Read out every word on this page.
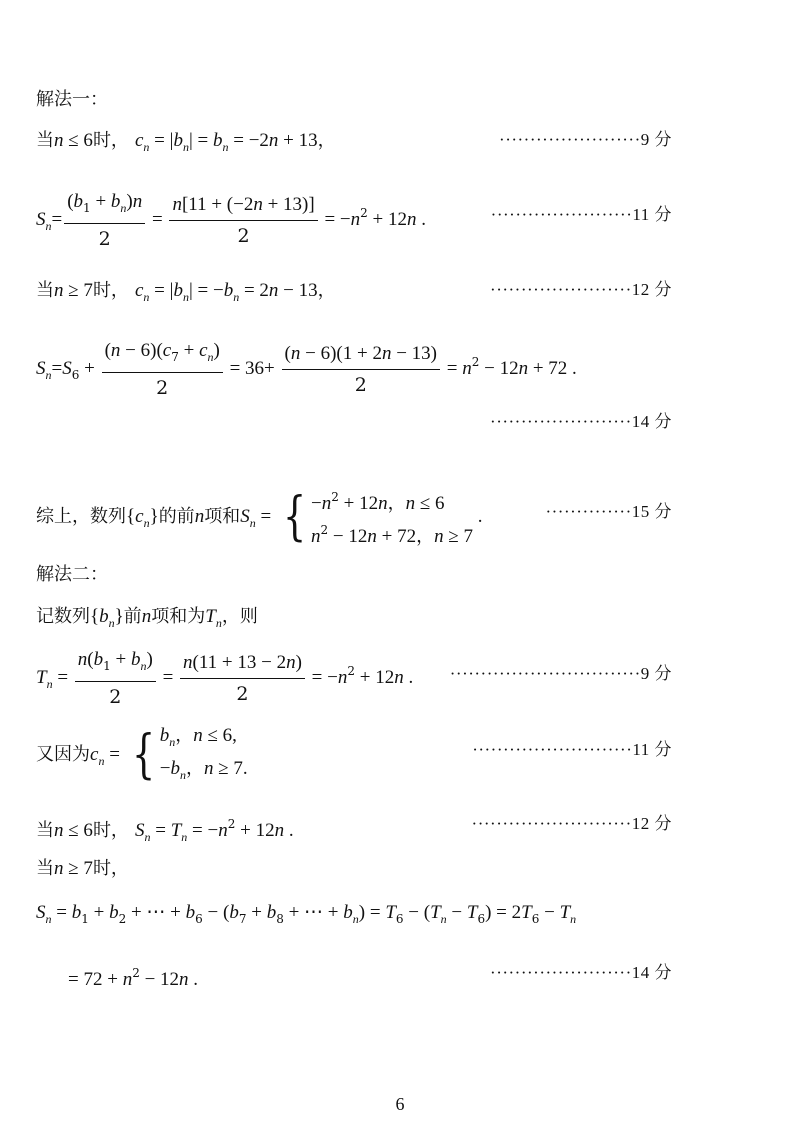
解法一：
当n ≤ 6时， $c_n = |b_n| = b_n = -2n + 13$，	·······················9 分
$S_n= \frac{(b_1 + b_n)n}{2} = \frac{n[11 + (-2n + 13)]}{2} = -n^2 + 12n$ .	·······················11 分
当n ≥ 7时， $c_n = |b_n| = -b_n = 2n - 13$，	·······················12 分
$S_n=S_6 + \frac{(n - 6)(c_7 + c_n)}{2} = 36+ \frac{(n - 6)(1 + 2n - 13)}{2} = n^2 - 12n + 72$ .
·······················14 分
综上，数列$\{c_n\}$的前n项和$S_n$ = { $-n^2 + 12n$，n ≤ 6
$n^2 - 12n + 72$，n ≥ 7
.	··············15 分
解法二：
记数列$\{b_n\}$前n项和为$T_n$，则
$T_n = \frac{n(b_1 + b_n)}{2} = \frac{n(11 + 13 - 2n)}{2} = -n^2 + 12n$ . ·······························9 分
又因为$c_n$ = { $b_n$，n ≤ 6,
$-b_n$，n ≥ 7.
··························11 分
当n ≤ 6时， $S_n = T_n = -n^2 + 12n$ .	··························12 分
当n ≥ 7时，
$S_n = b_1 + b_2$ + ⋯ + $b_6 - (b_7 + b_8$ + ⋯ + $b_n) = T_6 - (T_n - T_6) = 2T_6 - T_n$
= $72 + n^2 - 12n$ .	·······················14 分
6
